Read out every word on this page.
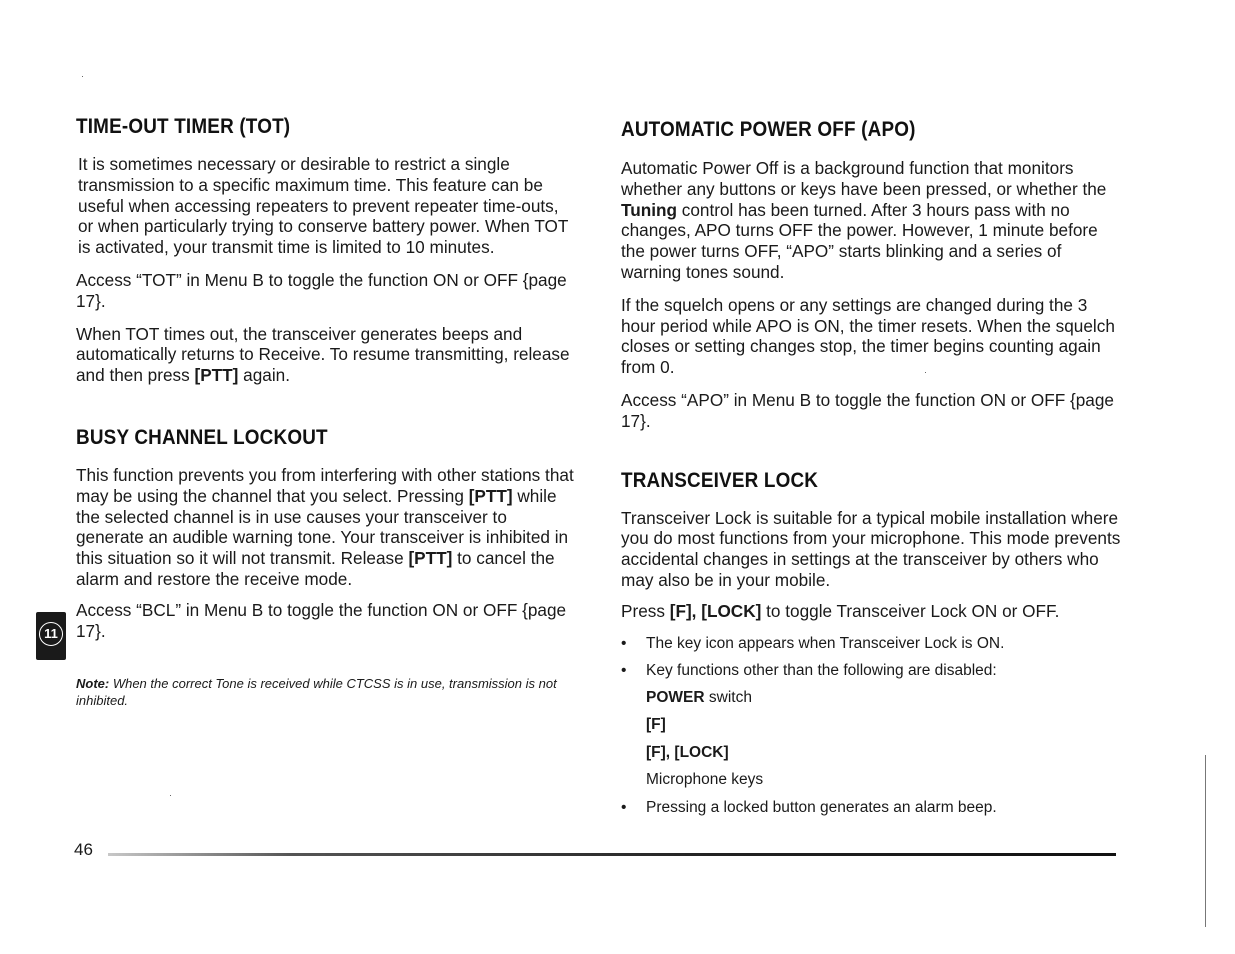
TIME-OUT TIMER (TOT)

It is sometimes necessary or desirable to restrict a single transmission to a specific maximum time. This feature can be useful when accessing repeaters to prevent repeater time-outs, or when particularly trying to conserve battery power. When TOT is activated, your transmit time is limited to 10 minutes.

Access “TOT” in Menu B to toggle the function ON or OFF {page 17}.

When TOT times out, the transceiver generates beeps and automatically returns to Receive. To resume transmitting, release and then press [PTT] again.

BUSY CHANNEL LOCKOUT

This function prevents you from interfering with other stations that may be using the channel that you select. Pressing [PTT] while the selected channel is in use causes your transceiver to generate an audible warning tone. Your transceiver is inhibited in this situation so it will not transmit. Release [PTT] to cancel the alarm and restore the receive mode.

Access “BCL” in Menu B to toggle the function ON or OFF {page 17}.

Note: When the correct Tone is received while CTCSS is in use, transmission is not inhibited.

AUTOMATIC POWER OFF (APO)

Automatic Power Off is a background function that monitors whether any buttons or keys have been pressed, or whether the Tuning control has been turned. After 3 hours pass with no changes, APO turns OFF the power. However, 1 minute before the power turns OFF, “APO” starts blinking and a series of warning tones sound.

If the squelch opens or any settings are changed during the 3 hour period while APO is ON, the timer resets. When the squelch closes or setting changes stop, the timer begins counting again from 0.

Access “APO” in Menu B to toggle the function ON or OFF {page 17}.

TRANSCEIVER LOCK

Transceiver Lock is suitable for a typical mobile installation where you do most functions from your microphone. This mode prevents accidental changes in settings at the transceiver by others who may also be in your mobile.

Press [F], [LOCK] to toggle Transceiver Lock ON or OFF.

• The key icon appears when Transceiver Lock is ON.
• Key functions other than the following are disabled:
POWER switch
[F]
[F], [LOCK]
Microphone keys
• Pressing a locked button generates an alarm beep.
11
46
